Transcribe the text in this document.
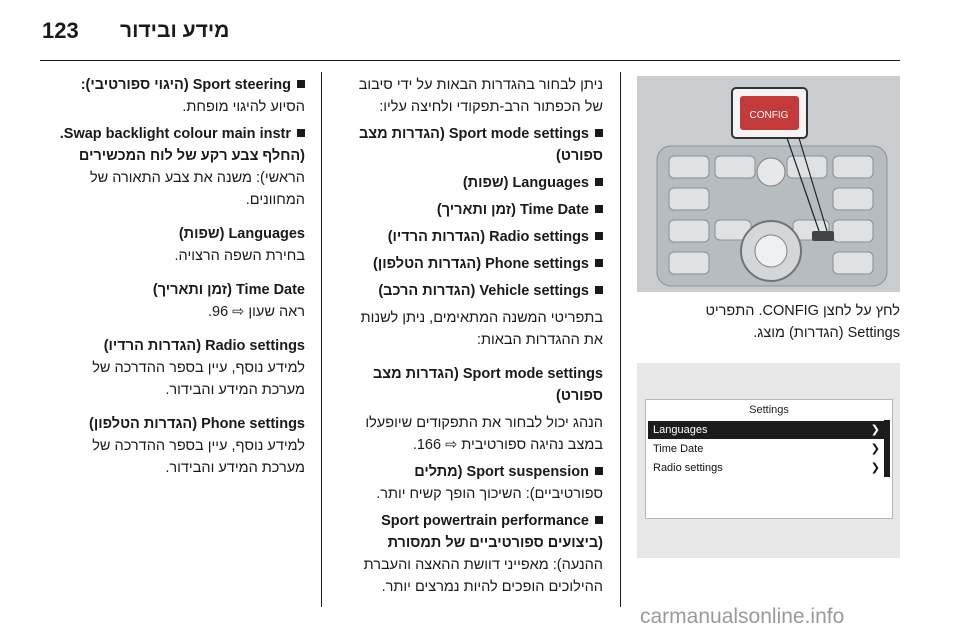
123 מידע ובידור
CONFIG

לחץ על לחצן CONFIG. התפריט

Settings (הגדרות) מוצג.

Settings
Languages	❯
Time Date	❯
Radio settings	❯

ניתן לבחור בהגדרות הבאות על ידי סיבוב

של הכפתור הרב-תפקודי ולחיצה עליו:

Sport mode settings (הגדרות מצב

ספורט)

Languages (שפות)

Time Date (זמן ותאריך)

Radio settings (הגדרות הרדיו)

Phone settings (הגדרות הטלפון)

Vehicle settings (הגדרות הרכב)

בתפריטי המשנה המתאימים, ניתן לשנות

את ההגדרות הבאות:

Sport mode settings (הגדרות מצב

ספורט)

הנהג יכול לבחור את התפקודים שיופעלו

במצב נהיגה ספורטיבית ⇨ 166.

Sport suspension (מתלים

ספורטיביים): השיכוך הופך קשיח יותר.

Sport powertrain performance

(ביצועים ספורטיביים של תמסורת

ההנעה): מאפייני דוושת ההאצה והעברת

ההילוכים הופכים להיות נמרצים יותר.

Sport steering (היגוי ספורטיבי):

הסיוע להיגוי מופחת.

Swap backlight colour main instr.

(החלף צבע רקע של לוח המכשירים

הראשי): משנה את צבע התאורה של

המחוונים.

Languages (שפות)

בחירת השפה הרצויה.

Time Date (זמן ותאריך)

ראה שעון ⇨ 96.

Radio settings (הגדרות הרדיו)

למידע נוסף, עיין בספר ההדרכה של

מערכת המידע והבידור.

Phone settings (הגדרות הטלפון)

למידע נוסף, עיין בספר ההדרכה של

מערכת המידע והבידור.

carmanualsonline.info
